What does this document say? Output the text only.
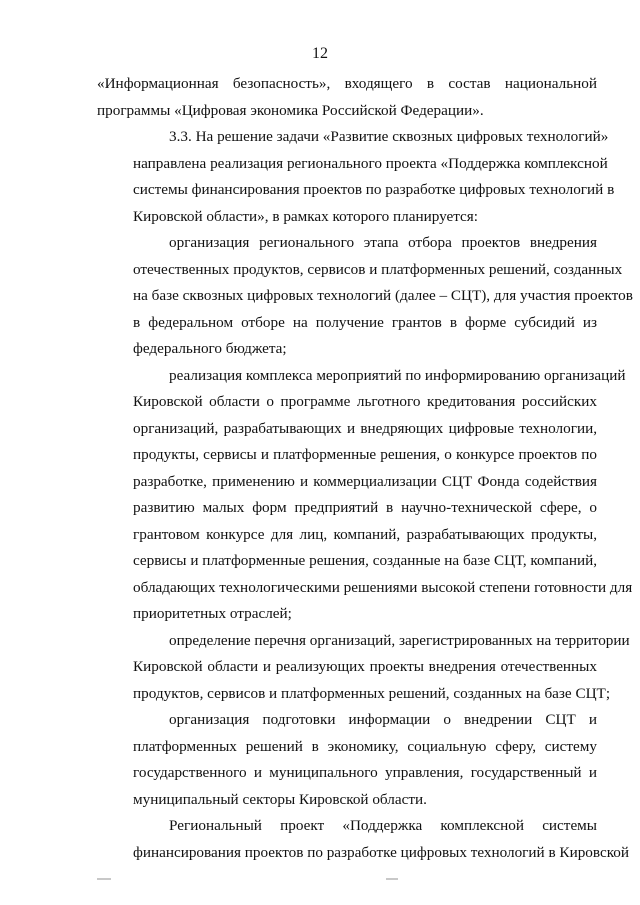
12
«Информационная безопасность», входящего в состав национальной
программы «Цифровая экономика Российской Федерации».
3.3. На решение задачи «Развитие сквозных цифровых технологий»
направлена реализация регионального проекта «Поддержка комплексной
системы финансирования проектов по разработке цифровых технологий в
Кировской области», в рамках которого планируется:
организация регионального этапа отбора проектов внедрения
отечественных продуктов, сервисов и платформенных решений, созданных
на базе сквозных цифровых технологий (далее – СЦТ), для участия проектов
в федеральном отборе на получение грантов в форме субсидий из
федерального бюджета;
реализация комплекса мероприятий по информированию организаций
Кировской области о программе льготного кредитования российских
организаций, разрабатывающих и внедряющих цифровые технологии,
продукты, сервисы и платформенные решения, о конкурсе проектов по
разработке, применению и коммерциализации СЦТ Фонда содействия
развитию малых форм предприятий в научно-технической сфере, о
грантовом конкурсе для лиц, компаний, разрабатывающих продукты,
сервисы и платформенные решения, созданные на базе СЦТ, компаний,
обладающих технологическими решениями высокой степени готовности для
приоритетных отраслей;
определение перечня организаций, зарегистрированных на территории
Кировской области и реализующих проекты внедрения отечественных
продуктов, сервисов и платформенных решений, созданных на базе СЦТ;
организация подготовки информации о внедрении СЦТ и
платформенных решений в экономику, социальную сферу, систему
государственного и муниципального управления, государственный и
муниципальный секторы Кировской области.
Региональный проект «Поддержка комплексной системы
финансирования проектов по разработке цифровых технологий в Кировской
